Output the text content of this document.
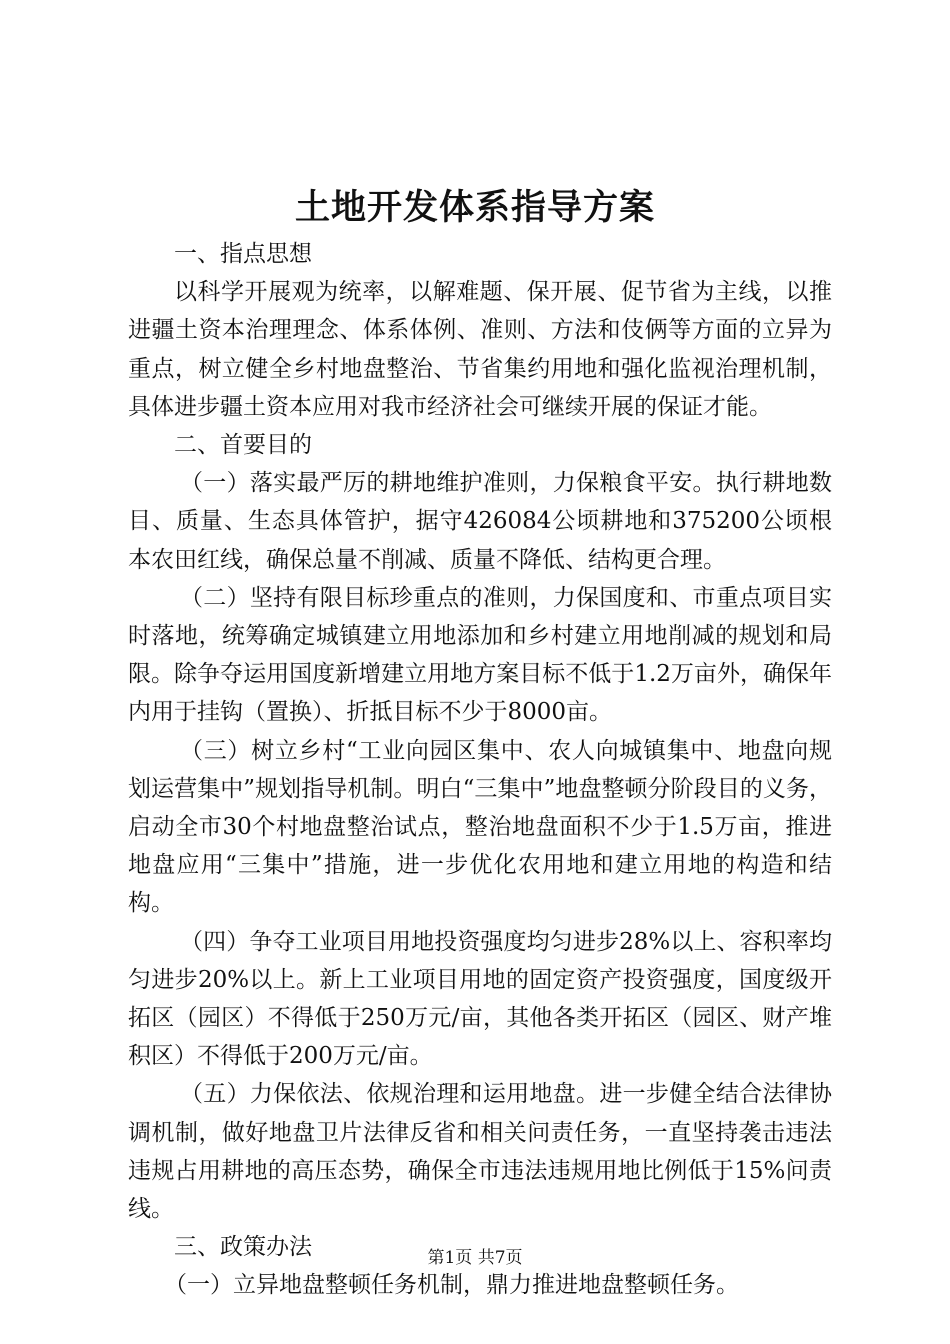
土地开发体系指导方案

一、指点思想

以科学开展观为统率，以解难题、保开展、促节省为主线，以推进疆土资本治理理念、体系体例、准则、方法和伎俩等方面的立异为重点，树立健全乡村地盘整治、节省集约用地和强化监视治理机制，具体进步疆土资本应用对我市经济社会可继续开展的保证才能。

二、首要目的

（一）落实最严厉的耕地维护准则，力保粮食平安。执行耕地数目、质量、生态具体管护，据守426084公顷耕地和375200公顷根本农田红线，确保总量不削减、质量不降低、结构更合理。

（二）坚持有限目标珍重点的准则，力保国度和、市重点项目实时落地，统筹确定城镇建立用地添加和乡村建立用地削减的规划和局限。除争夺运用国度新增建立用地方案目标不低于1.2万亩外，确保年内用于挂钩（置换）、折抵目标不少于8000亩。

（三）树立乡村“工业向园区集中、农人向城镇集中、地盘向规划运营集中”规划指导机制。明白“三集中”地盘整顿分阶段目的义务，启动全市30个村地盘整治试点，整治地盘面积不少于1.5万亩，推进地盘应用“三集中”措施，进一步优化农用地和建立用地的构造和结构。

（四）争夺工业项目用地投资强度均匀进步28%以上、容积率均匀进步20%以上。新上工业项目用地的固定资产投资强度，国度级开拓区（园区）不得低于250万元/亩，其他各类开拓区（园区、财产堆积区）不得低于200万元/亩。

（五）力保依法、依规治理和运用地盘。进一步健全结合法律协调机制，做好地盘卫片法律反省和相关问责任务，一直坚持袭击违法违规占用耕地的高压态势，确保全市违法违规用地比例低于15%问责线。

三、政策办法

（一）立异地盘整顿任务机制，鼎力推进地盘整顿任务。

第1页 共7页
